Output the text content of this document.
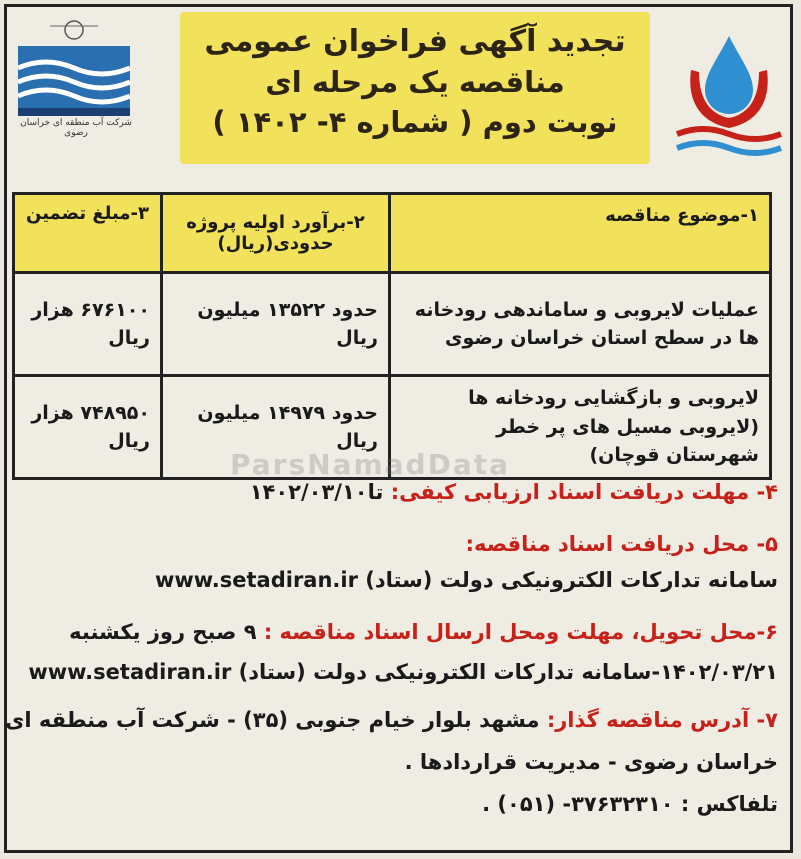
شرکت آب منطقه ای خراسان رضوی
تجدید آگهی فراخوان عمومی
مناقصه یک مرحله ای
نوبت دوم ( شماره ۴- ۱۴۰۲ )
۱-موضوع مناقصه	۲-برآورد اولیه پروژه حدودی(ریال)	۳-مبلغ تضمین
عملیات لایروبی و ساماندهی رودخانه ها در سطح استان خراسان رضوی	حدود ۱۳۵۲۲ میلیون ریال	۶۷۶۱۰۰ هزار ریال
لایروبی و بازگشایی رودخانه ها (لایروبی مسیل های پر خطر شهرستان قوچان)	حدود ۱۴۹۷۹ میلیون ریال	۷۴۸۹۵۰ هزار ریال
ParsNamadData
۴- مهلت دریافت اسناد ارزیابی کیفی: تا۱۴۰۲/۰۳/۱۰
۵- محل دریافت اسناد مناقصه:
سامانه تدارکات الکترونیکی دولت (ستاد) www.setadiran.ir
۶-محل تحویل، مهلت ومحل ارسال اسناد مناقصه : ۹ صبح روز یکشنبه
۱۴۰۲/۰۳/۲۱-سامانه تدارکات الکترونیکی دولت (ستاد) www.setadiran.ir
۷- آدرس مناقصه گذار: مشهد بلوار خیام جنوبی (۳۵) - شرکت آب منطقه ای
خراسان رضوی - مدیریت قراردادها .
تلفاکس : ۳۷۶۳۲۳۱۰- (۰۵۱) .
